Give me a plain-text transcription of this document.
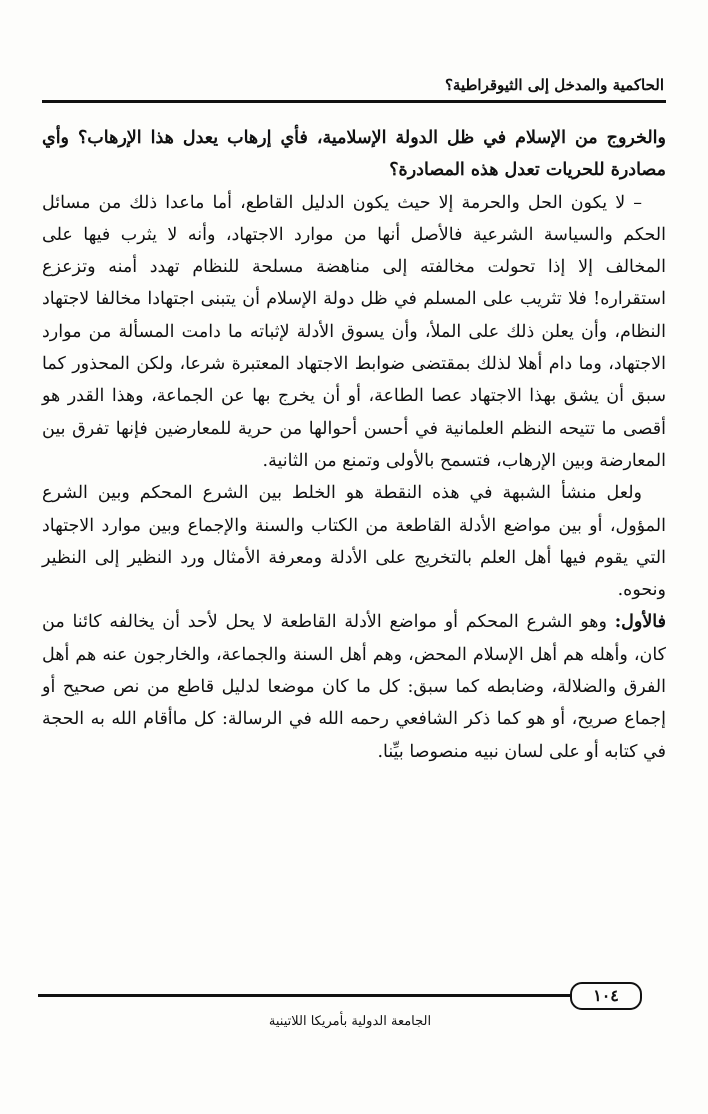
الحاكمية والمدخل إلى الثيوقراطية؟

والخروج من الإسلام في ظل الدولة الإسلامية، فأي إرهاب يعدل هذا الإرهاب؟ وأي مصادرة للحريات تعدل هذه المصادرة؟

– لا يكون الحل والحرمة إلا حيث يكون الدليل القاطع، أما ماعدا ذلك من مسائل الحكم والسياسة الشرعية فالأصل أنها من موارد الاجتهاد، وأنه لا يثرب فيها على المخالف إلا إذا تحولت مخالفته إلى مناهضة مسلحة للنظام تهدد أمنه وتزعزع استقراره! فلا تثريب على المسلم في ظل دولة الإسلام أن يتبنى اجتهادا مخالفا لاجتهاد النظام، وأن يعلن ذلك على الملأ، وأن يسوق الأدلة لإثباته ما دامت المسألة من موارد الاجتهاد، وما دام أهلا لذلك بمقتضى ضوابط الاجتهاد المعتبرة شرعا، ولكن المحذور كما سبق أن يشق بهذا الاجتهاد عصا الطاعة، أو أن يخرج بها عن الجماعة، وهذا القدر هو أقصى ما تتيحه النظم العلمانية في أحسن أحوالها من حرية للمعارضين فإنها تفرق بين المعارضة وبين الإرهاب، فتسمح بالأولى وتمنع من الثانية.

ولعل منشأ الشبهة في هذه النقطة هو الخلط بين الشرع المحكم وبين الشرع المؤول، أو بين مواضع الأدلة القاطعة من الكتاب والسنة والإجماع وبين موارد الاجتهاد التي يقوم فيها أهل العلم بالتخريج على الأدلة ومعرفة الأمثال ورد النظير إلى النظير ونحوه.

فالأول: وهو الشرع المحكم أو مواضع الأدلة القاطعة لا يحل لأحد أن يخالفه كائنا من كان، وأهله هم أهل الإسلام المحض، وهم أهل السنة والجماعة، والخارجون عنه هم أهل الفرق والضلالة، وضابطه كما سبق: كل ما كان موضعا لدليل قاطع من نص صحيح أو إجماع صريح، أو هو كما ذكر الشافعي رحمه الله في الرسالة: كل ماأقام الله به الحجة في كتابه أو على لسان نبيه منصوصا بيِّنا.

١٠٤
الجامعة الدولية بأمريكا اللاتينية
